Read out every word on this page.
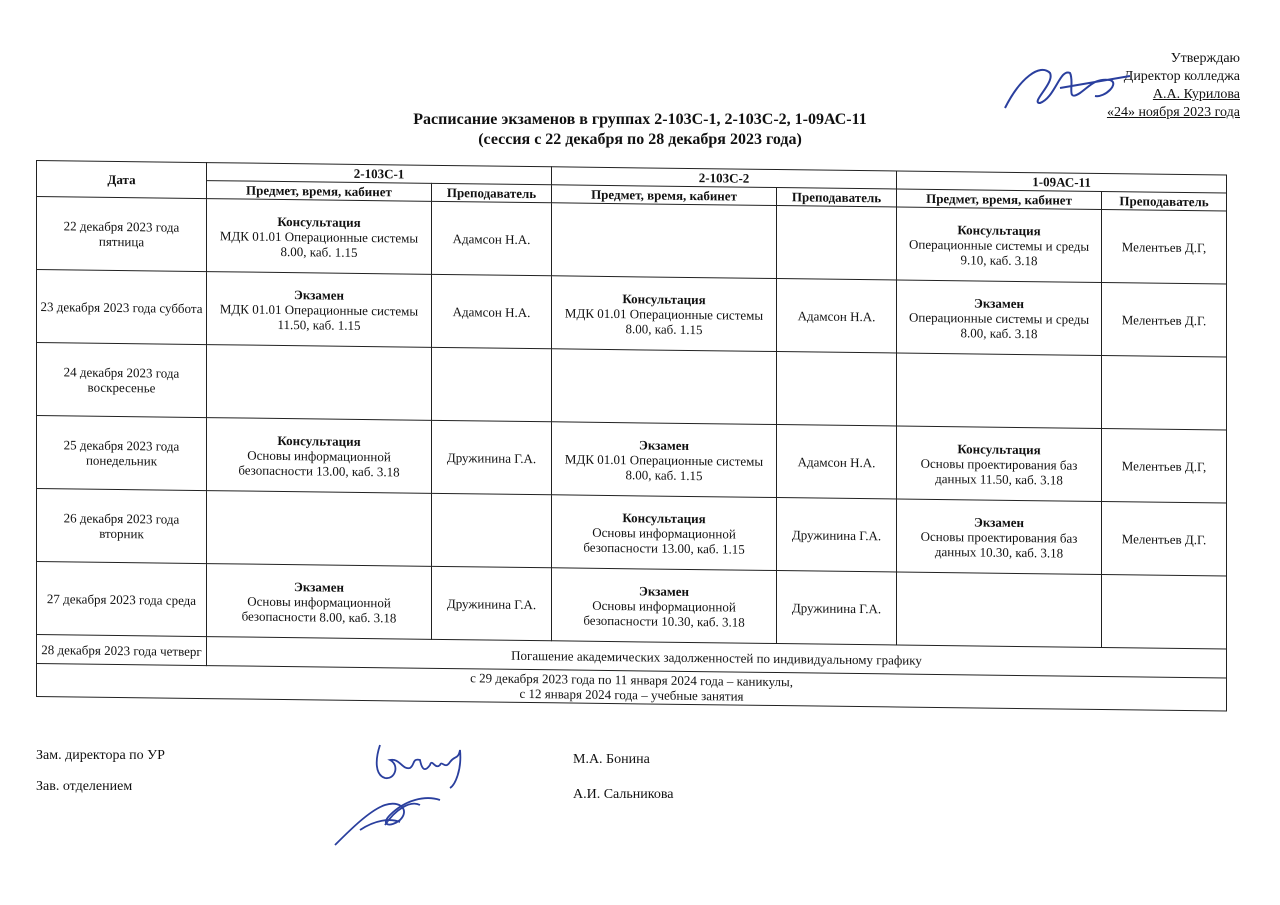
Утверждаю
Директор колледжа
А.А. Курилова
«24» ноября 2023 года
Расписание экзаменов в группах 2-103С-1, 2-103С-2, 1-09АС-11
(сессия с 22 декабря по 28 декабря 2023 года)
Дата	2-103С-1		2-103С-2		1-09АС-11	
	Предмет, время, кабинет	Преподаватель	Предмет, время, кабинет	Преподаватель	Предмет, время, кабинет	Преподаватель
22 декабря 2023 года пятница	Консультация
МДК 01.01 Операционные системы 8.00, каб. 1.15	Адамсон Н.А.			Консультация
Операционные системы и среды 9.10, каб. 3.18	Мелентьев Д.Г,
23 декабря 2023 года суббота	Экзамен
МДК 01.01 Операционные системы 11.50, каб. 1.15	Адамсон Н.А.	Консультация
МДК 01.01 Операционные системы 8.00, каб. 1.15	Адамсон Н.А.	Экзамен
Операционные системы и среды 8.00, каб. 3.18	Мелентьев Д.Г.
24 декабря 2023 года воскресенье	

25 декабря 2023 года понедельник	Консультация
Основы информационной безопасности 13.00, каб. 3.18	Дружинина Г.А.	Экзамен
МДК 01.01 Операционные системы 8.00, каб. 1.15	Адамсон Н.А.	Консультация
Основы проектирования баз данных 11.50, каб. 3.18	Мелентьев Д.Г,
26 декабря 2023 года вторник			Консультация
Основы информационной безопасности 13.00, каб. 1.15	Дружинина Г.А.	Экзамен
Основы проектирования баз данных 10.30, каб. 3.18	Мелентьев Д.Г.
27 декабря 2023 года среда	Экзамен
Основы информационной безопасности 8.00, каб. 3.18	Дружинина Г.А.	Экзамен
Основы информационной безопасности 10.30, каб. 3.18	Дружинина Г.А.	

28 декабря 2023 года четверг	Погашение академических задолженностей по индивидуальному графику					

с 29 декабря 2023 года по 11 января 2024 года – каникулы,
с 12 января 2024 года – учебные занятия						
Зам. директора по УР	М.А. Бонина
Зав. отделением
А.И. Сальникова
